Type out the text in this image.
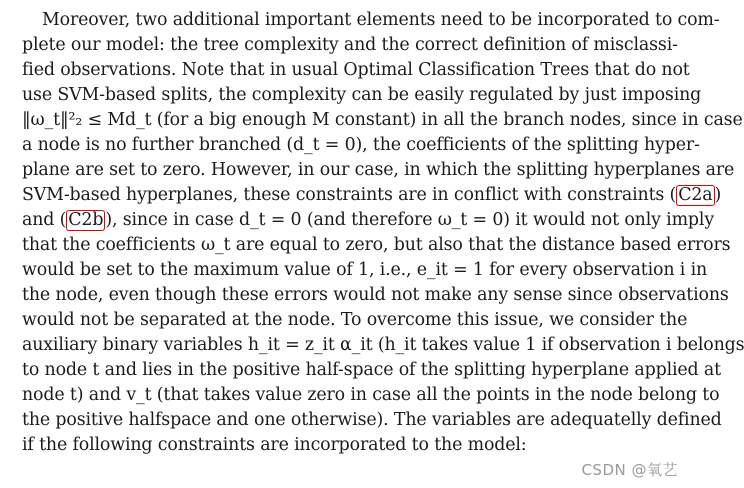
Moreover, two additional important elements need to be incorporated to com-
plete our model: the tree complexity and the correct definition of misclassi-
fied observations. Note that in usual Optimal Classification Trees that do not
use SVM-based splits, the complexity can be easily regulated by just imposing
‖ω_t‖²₂ ≤ Md_t (for a big enough M constant) in all the branch nodes, since in case
a node is no further branched (d_t = 0), the coefficients of the splitting hyper-
plane are set to zero. However, in our case, in which the splitting hyperplanes are
SVM-based hyperplanes, these constraints are in conflict with constraints ( C2a )
and ( C2b ), since in case d_t = 0 (and therefore ω_t = 0) it would not only imply
that the coefficients ω_t are equal to zero, but also that the distance based errors
would be set to the maximum value of 1, i.e., e_it = 1 for every observation i in
the node, even though these errors would not make any sense since observations
would not be separated at the node. To overcome this issue, we consider the
auxiliary binary variables h_it = z_it α_it (h_it takes value 1 if observation i belongs
to node t and lies in the positive half-space of the splitting hyperplane applied at
node t) and v_t (that takes value zero in case all the points in the node belong to
the positive halfspace and one otherwise). The variables are adequatelly defined
if the following constraints are incorporated to the model:
CSDN @氧艺
